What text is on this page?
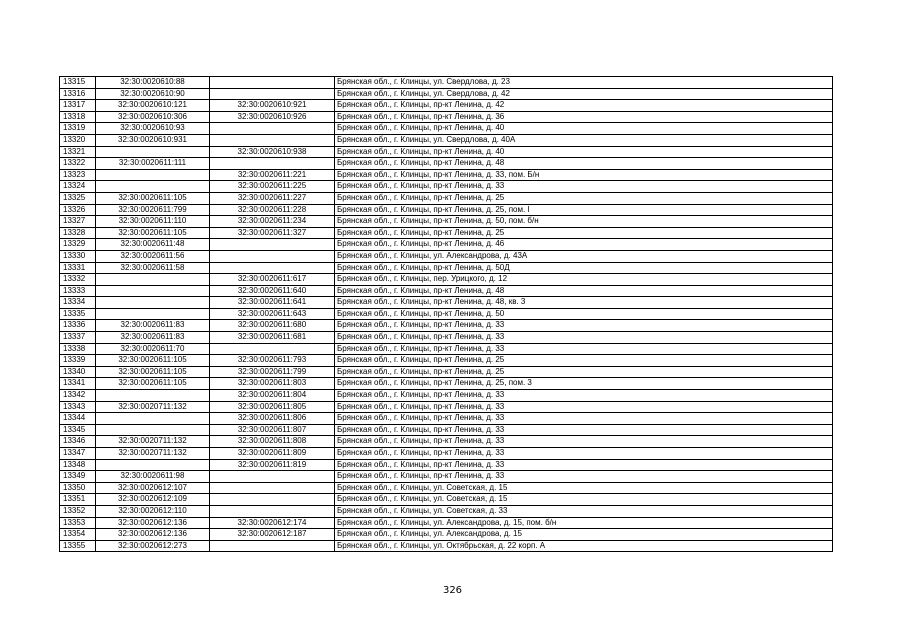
13315	32:30:0020610:88		Брянская обл., г. Клинцы, ул. Свердлова, д. 23
13316	32:30:0020610:90		Брянская обл., г. Клинцы, ул. Свердлова, д. 42
13317	32:30:0020610:121	32:30:0020610:921	Брянская обл., г. Клинцы, пр-кт Ленина, д. 42
13318	32:30:0020610:306	32:30:0020610:926	Брянская обл., г. Клинцы, пр-кт Ленина, д. 36
13319	32:30:0020610:93		Брянская обл., г. Клинцы, пр-кт Ленина, д. 40
13320	32:30:0020610:931		Брянская обл., г. Клинцы, ул. Свердлова, д. 40А
13321		32:30:0020610:938	Брянская обл., г. Клинцы, пр-кт Ленина, д. 40
13322	32:30:0020611:111		Брянская обл., г. Клинцы, пр-кт Ленина, д. 48
13323		32:30:0020611:221	Брянская обл., г. Клинцы, пр-кт Ленина, д. 33, пом. Б/н
13324		32:30:0020611:225	Брянская обл., г. Клинцы, пр-кт Ленина, д. 33
13325	32:30:0020611:105	32:30:0020611:227	Брянская обл., г. Клинцы, пр-кт Ленина, д. 25
13326	32:30:0020611:799	32:30:0020611:228	Брянская обл., г. Клинцы, пр-кт Ленина, д. 25, пом. I
13327	32:30:0020611:110	32:30:0020611:234	Брянская обл., г. Клинцы, пр-кт Ленина, д. 50, пом. б/н
13328	32:30:0020611:105	32:30:0020611:327	Брянская обл., г. Клинцы, пр-кт Ленина, д. 25
13329	32:30:0020611:48		Брянская обл., г. Клинцы, пр-кт Ленина, д. 46
13330	32:30:0020611:56		Брянская обл., г. Клинцы, ул. Александрова, д. 43А
13331	32:30:0020611:58		Брянская обл., г. Клинцы, пр-кт Ленина, д. 50Д
13332		32:30:0020611:617	Брянская обл., г. Клинцы, пер. Урицкого, д. 12
13333		32:30:0020611:640	Брянская обл., г. Клинцы, пр-кт Ленина, д. 48
13334		32:30:0020611:641	Брянская обл., г. Клинцы, пр-кт Ленина, д. 48, кв. 3
13335		32:30:0020611:643	Брянская обл., г. Клинцы, пр-кт Ленина, д. 50
13336	32:30:0020611:83	32:30:0020611:680	Брянская обл., г. Клинцы, пр-кт Ленина, д. 33
13337	32:30:0020611:83	32:30:0020611:681	Брянская обл., г. Клинцы, пр-кт Ленина, д. 33
13338	32:30:0020611:70		Брянская обл., г. Клинцы, пр-кт Ленина, д. 33
13339	32:30:0020611:105	32:30:0020611:793	Брянская обл., г. Клинцы, пр-кт Ленина, д. 25
13340	32:30:0020611:105	32:30:0020611:799	Брянская обл., г. Клинцы, пр-кт Ленина, д. 25
13341	32:30:0020611:105	32:30:0020611:803	Брянская обл., г. Клинцы, пр-кт Ленина, д. 25, пом. 3
13342		32:30:0020611:804	Брянская обл., г. Клинцы, пр-кт Ленина, д. 33
13343	32:30:0020711:132	32:30:0020611:805	Брянская обл., г. Клинцы, пр-кт Ленина, д. 33
13344		32:30:0020611:806	Брянская обл., г. Клинцы, пр-кт Ленина, д. 33
13345		32:30:0020611:807	Брянская обл., г. Клинцы, пр-кт Ленина, д. 33
13346	32:30:0020711:132	32:30:0020611:808	Брянская обл., г. Клинцы, пр-кт Ленина, д. 33
13347	32:30:0020711:132	32:30:0020611:809	Брянская обл., г. Клинцы, пр-кт Ленина, д. 33
13348		32:30:0020611:819	Брянская обл., г. Клинцы, пр-кт Ленина, д. 33
13349	32:30:0020611:98		Брянская обл., г. Клинцы, пр-кт Ленина, д. 33
13350	32:30:0020612:107		Брянская обл., г. Клинцы, ул. Советская, д. 15
13351	32:30:0020612:109		Брянская обл., г. Клинцы, ул. Советская, д. 15
13352	32:30:0020612:110		Брянская обл., г. Клинцы, ул. Советская, д. 33
13353	32:30:0020612:136	32:30:0020612:174	Брянская обл., г. Клинцы, ул. Александрова, д. 15, пом. б/н
13354	32:30:0020612:136	32:30:0020612:187	Брянская обл., г. Клинцы, ул. Александрова, д. 15
13355	32:30:0020612:273		Брянская обл., г. Клинцы, ул. Октябрьская, д. 22 корп. А
326
